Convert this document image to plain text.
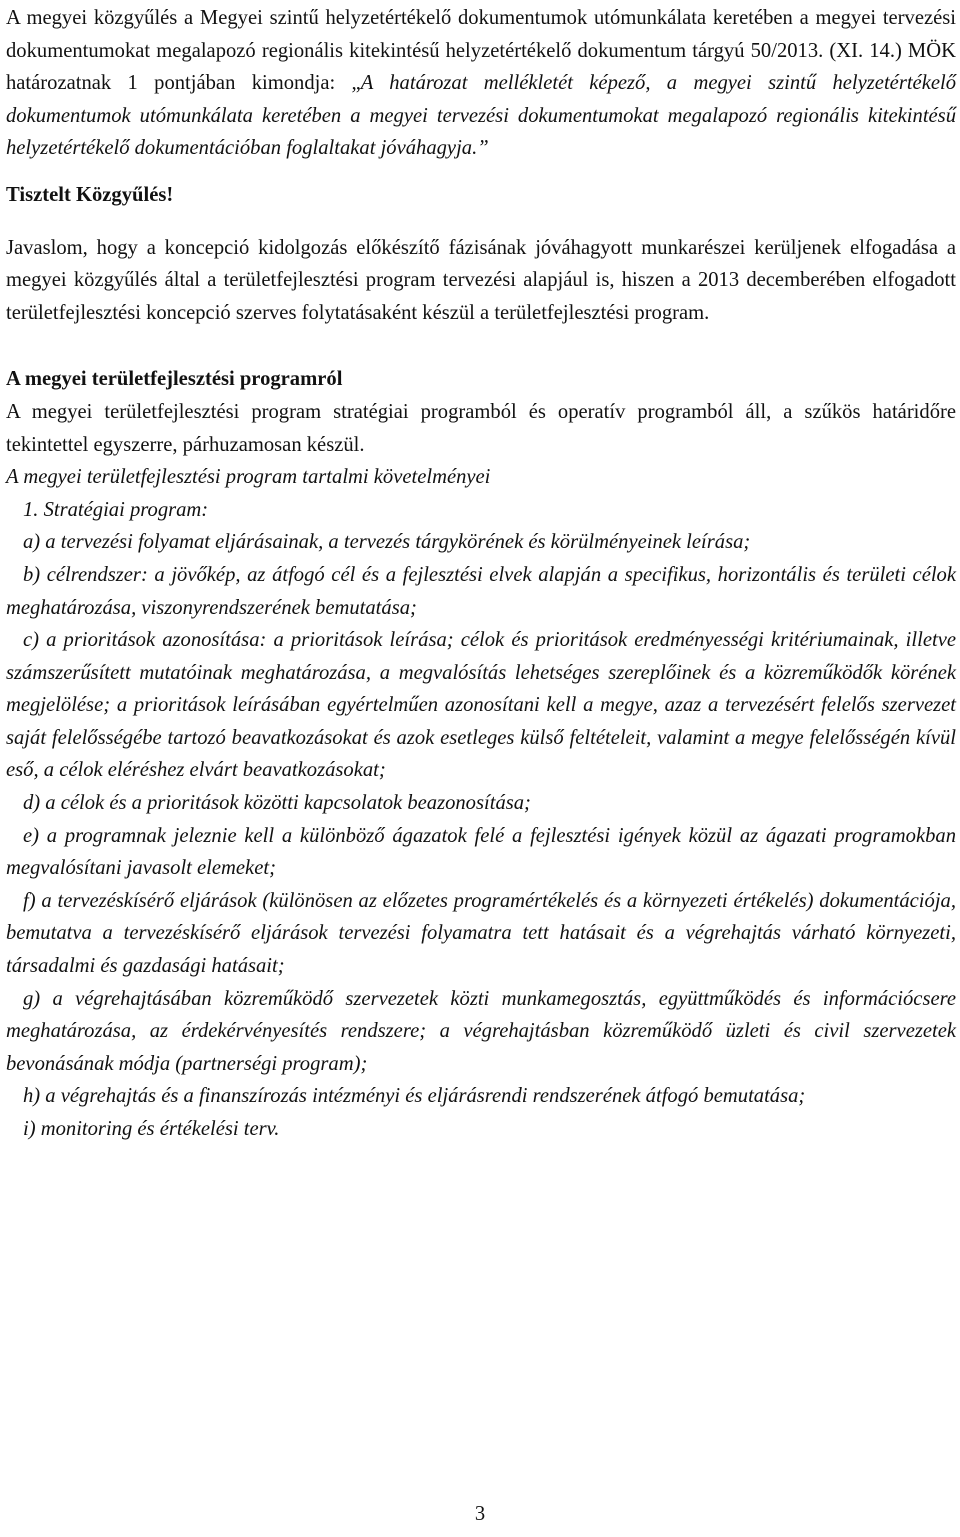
A megyei közgyűlés a Megyei szintű helyzetértékelő dokumentumok utómunkálata keretében a megyei tervezési dokumentumokat megalapozó regionális kitekintésű helyzetértékelő dokumentum tárgyú 50/2013. (XI. 14.) MÖK határozatnak 1 pontjában kimondja: „A határozat mellékletét képező, a megyei szintű helyzetértékelő dokumentumok utómunkálata keretében a megyei tervezési dokumentumokat megalapozó regionális kitekintésű helyzetértékelő dokumentációban foglaltakat jóváhagyja.”

Tisztelt Közgyűlés!

Javaslom, hogy a koncepció kidolgozás előkészítő fázisának jóváhagyott munkarészei kerüljenek elfogadása a megyei közgyűlés által a területfejlesztési program tervezési alapjául is, hiszen a 2013 decemberében elfogadott területfejlesztési koncepció szerves folytatásaként készül a területfejlesztési program.

A megyei területfejlesztési programról

A megyei területfejlesztési program stratégiai programból és operatív programból áll, a szűkös határidőre tekintettel egyszerre, párhuzamosan készül.

A megyei területfejlesztési program tartalmi követelményei

1. Stratégiai program:

a) a tervezési folyamat eljárásainak, a tervezés tárgykörének és körülményeinek leírása;

b) célrendszer: a jövőkép, az átfogó cél és a fejlesztési elvek alapján a specifikus, horizontális és területi célok meghatározása, viszonyrendszerének bemutatása;

c) a prioritások azonosítása: a prioritások leírása; célok és prioritások eredményességi kritériumainak, illetve számszerűsített mutatóinak meghatározása, a megvalósítás lehetséges szereplőinek és a közreműködők körének megjelölése; a prioritások leírásában egyértelműen azonosítani kell a megye, azaz a tervezésért felelős szervezet saját felelősségébe tartozó beavatkozásokat és azok esetleges külső feltételeit, valamint a megye felelősségén kívül eső, a célok eléréshez elvárt beavatkozásokat;

d) a célok és a prioritások közötti kapcsolatok beazonosítása;

e) a programnak jeleznie kell a különböző ágazatok felé a fejlesztési igények közül az ágazati programokban megvalósítani javasolt elemeket;

f) a tervezéskísérő eljárások (különösen az előzetes programértékelés és a környezeti értékelés) dokumentációja, bemutatva a tervezéskísérő eljárások tervezési folyamatra tett hatásait és a végrehajtás várható környezeti, társadalmi és gazdasági hatásait;

g) a végrehajtásában közreműködő szervezetek közti munkamegosztás, együttműködés és információcsere meghatározása, az érdekérvényesítés rendszere; a végrehajtásban közreműködő üzleti és civil szervezetek bevonásának módja (partnerségi program);

h) a végrehajtás és a finanszírozás intézményi és eljárásrendi rendszerének átfogó bemutatása;

i) monitoring és értékelési terv.

3
